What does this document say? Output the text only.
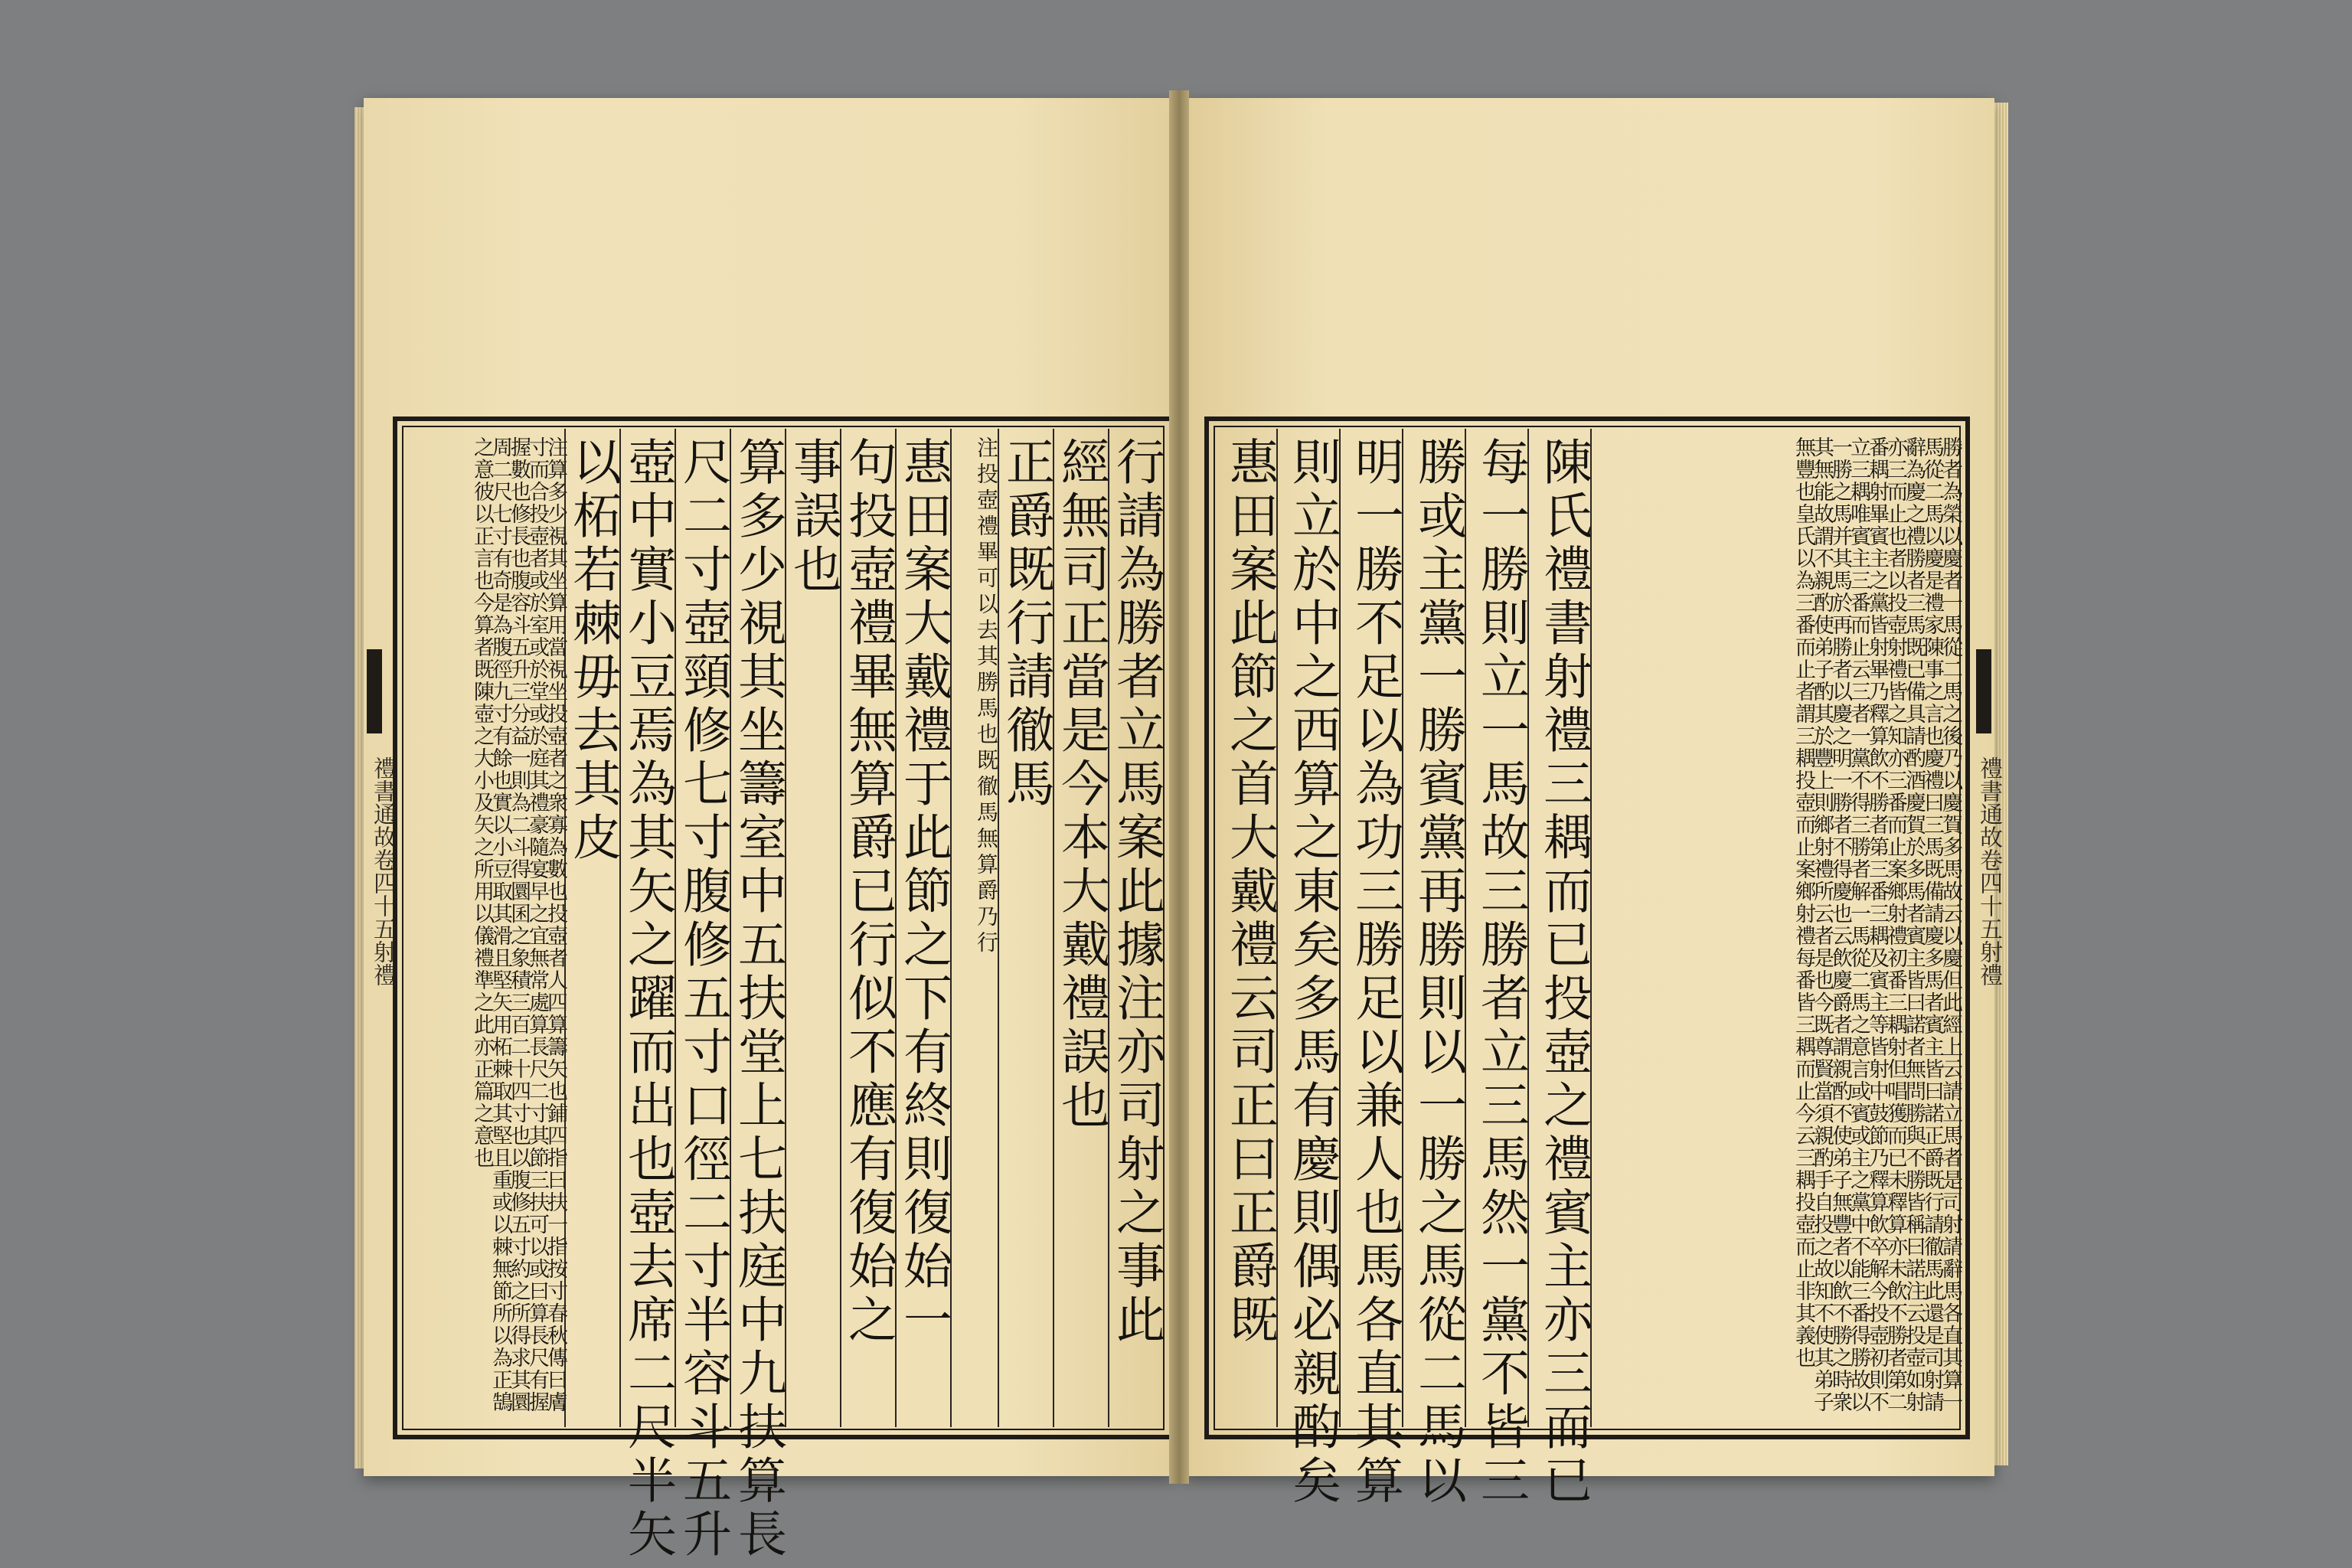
禮書通故卷四十五射禮	行請為勝者立馬案此據注亦司射之事此
經無司正當是今本大戴禮誤也
正爵既行請徹馬
注投壺禮畢可以去其勝馬也既徹馬無算爵乃行
惠田案大戴禮于此節之下有終則復始一
句投壺禮畢無算爵已行似不應有復始之
事誤也
算多少視其坐籌室中五扶堂上七扶庭中九扶算長
尺二寸壺頸修七寸腹修五寸口徑二寸半容斗五升
壺中實小豆焉為其矢之躍而出也壺去席二尺半矢
以柘若棘毋去其皮
注算多少視其坐算用當視坐投壺者之衆寡為數也投壺者人四算籌矢也鋪四指曰扶一指按寸春秋傳曰膚寸而合投壺者或於室或於堂或於庭其禮豪隨宴早之宜無常處算長尺二寸其節三扶可以或曰算長尺有握握數也修長也腹容斗五升三分益一則為二斗得圜囷之象積三百二十四寸也以腹修五寸約之所得求其圜周二尺七寸有奇是為腹徑九寸有餘也實以小豆取其滑且堅矢用柘棘取其堅且重或以棘無節所以為正鵠之意彼以正言也今算者既陳壺之大小及矢之所用以儀禮準之此亦正篇之意也	禮書通故卷四十五射禮
勝者為榮以慶者一馬從二馬之後乃以慶賀多馬故云以慶但此經上云請立馬者是司射請辭馬各直其算一馬從二馬以慶是禮家陳事之言也慶禮曰三馬既備請慶多馬者賓主皆曰諾正爵既行請徹馬此還是司射請辭為慶之禮勝者三馬既已備具請酌酒慶賀於多馬者賓主皆曰諾者無問勝與不勝皆稱曰諾注云投壺如射亦三而止也者以投壺射禮皆之知亦三番而止案鄉射禮初番三耦射但唱獲而已未釋算亦未飲不勝者第二番耦射畢賓主之黨皆射畢乃釋算飲不勝者第三番三耦及賓主等皆射中鼓節乃釋算飲卒解今投壺初則不立三耦唯賓主三番而止云三者一黨不得三勝者解一馬從二馬之意言或賓或主之黨中不能三番得勝故以一勝之馬并其馬於再勝者以慶之明一勝者不得慶也云飲慶爵者謂親酌不使弟子無豐者以飲不勝之時衆其無能故謂不親酌使弟子酌其於豐上則鄉射禮所云者是也今既尊賢當須親酌手自投之故知不使其弟子無豐也皇氏以為三番而止者謂三耦投壺而止案鄉射禮每番皆三耦而止今云三耦投壺而止非其義也
陳氏禮書射禮三耦而已投壺之禮賓主亦三而已
每一勝則立一馬故三勝者立三馬然一黨不皆三
勝或主黨一勝賓黨再勝則以一勝之馬從二馬以
明一勝不足以為功三勝足以兼人也馬各直其算
則立於中之西算之東矣多馬有慶則偶必親酌矣
惠田案此節之首大戴禮云司正曰正爵既
